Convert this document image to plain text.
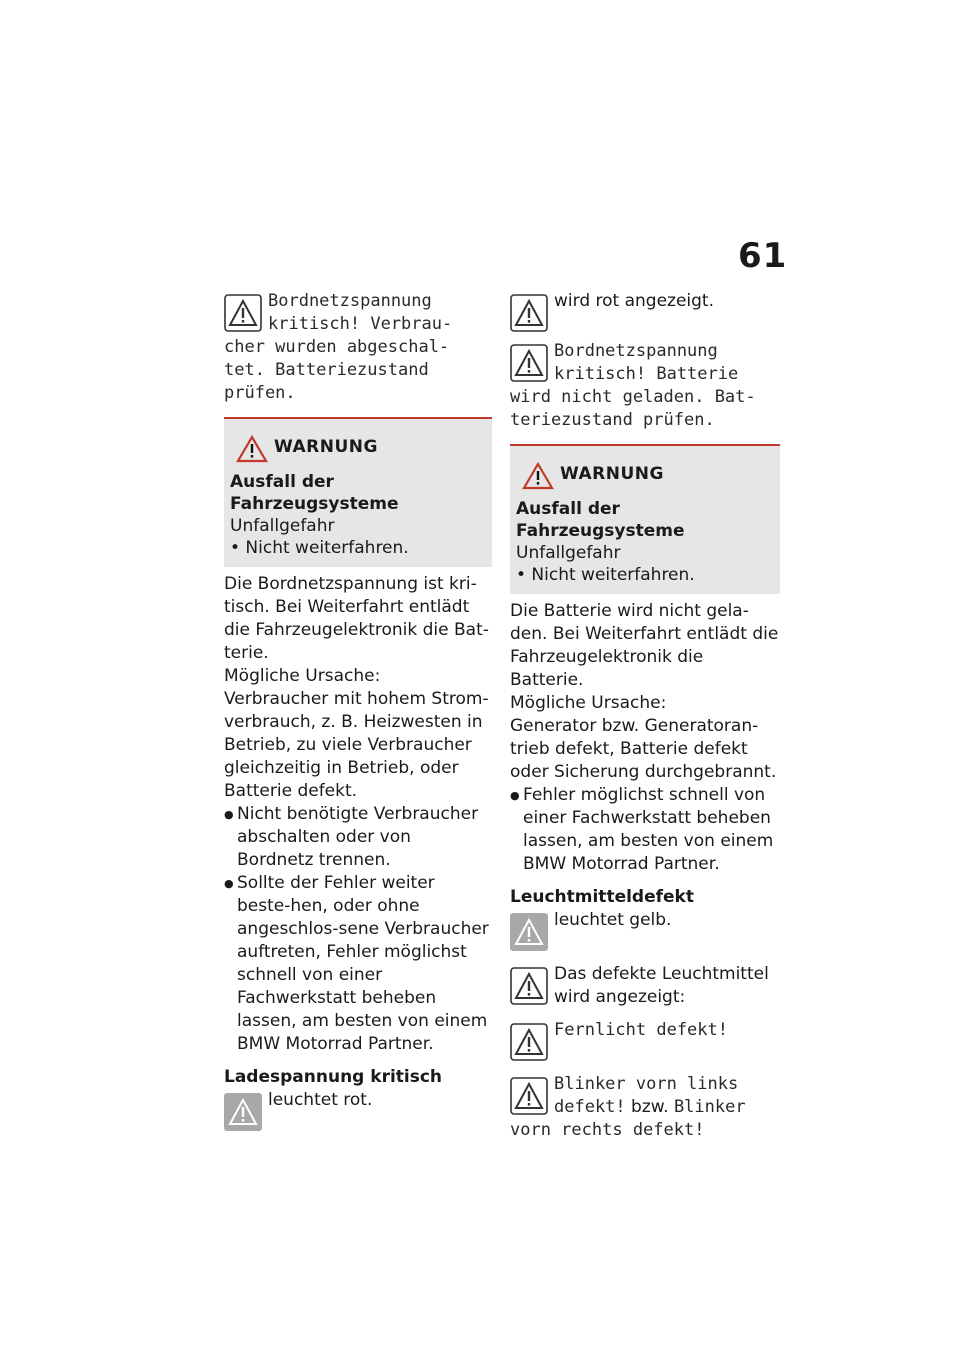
61
Bordnetzspannung
kritisch! Verbrau-
cher wurden abgeschal-
tet. Batteriezustand
prüfen.
WARNUNG
Ausfall der Fahrzeugsysteme
Unfallgefahr
• Nicht weiterfahren.
Die Bordnetzspannung ist kri-tisch. Bei Weiterfahrt entlädt die Fahrzeugelektronik die Bat-terie.
Mögliche Ursache:
Verbraucher mit hohem Strom-verbrauch, z. B. Heizwesten in Betrieb, zu viele Verbraucher gleichzeitig in Betrieb, oder Batterie defekt.
● Nicht benötigte Verbraucher abschalten oder von Bordnetz trennen.
● Sollte der Fehler weiter beste-hen, oder ohne angeschlos-sene Verbraucher auftreten, Fehler möglichst schnell von einer Fachwerkstatt beheben lassen, am besten von einem BMW Motorrad Partner.
Ladespannung kritisch
leuchtet rot.
wird rot angezeigt.
Bordnetzspannung
kritisch! Batterie
wird nicht geladen. Bat-
teriezustand prüfen.
WARNUNG
Ausfall der Fahrzeugsysteme
Unfallgefahr
• Nicht weiterfahren.
Die Batterie wird nicht gela-den. Bei Weiterfahrt entlädt die Fahrzeugelektronik die Batterie.
Mögliche Ursache:
Generator bzw. Generatoran-trieb defekt, Batterie defekt oder Sicherung durchgebrannt.
● Fehler möglichst schnell von einer Fachwerkstatt beheben lassen, am besten von einem BMW Motorrad Partner.
Leuchtmitteldefekt
leuchtet gelb.
Das defekte Leuchtmittel
wird angezeigt:
Fernlicht defekt!
Blinker vorn links
defekt! bzw. Blinker
vorn rechts defekt!
